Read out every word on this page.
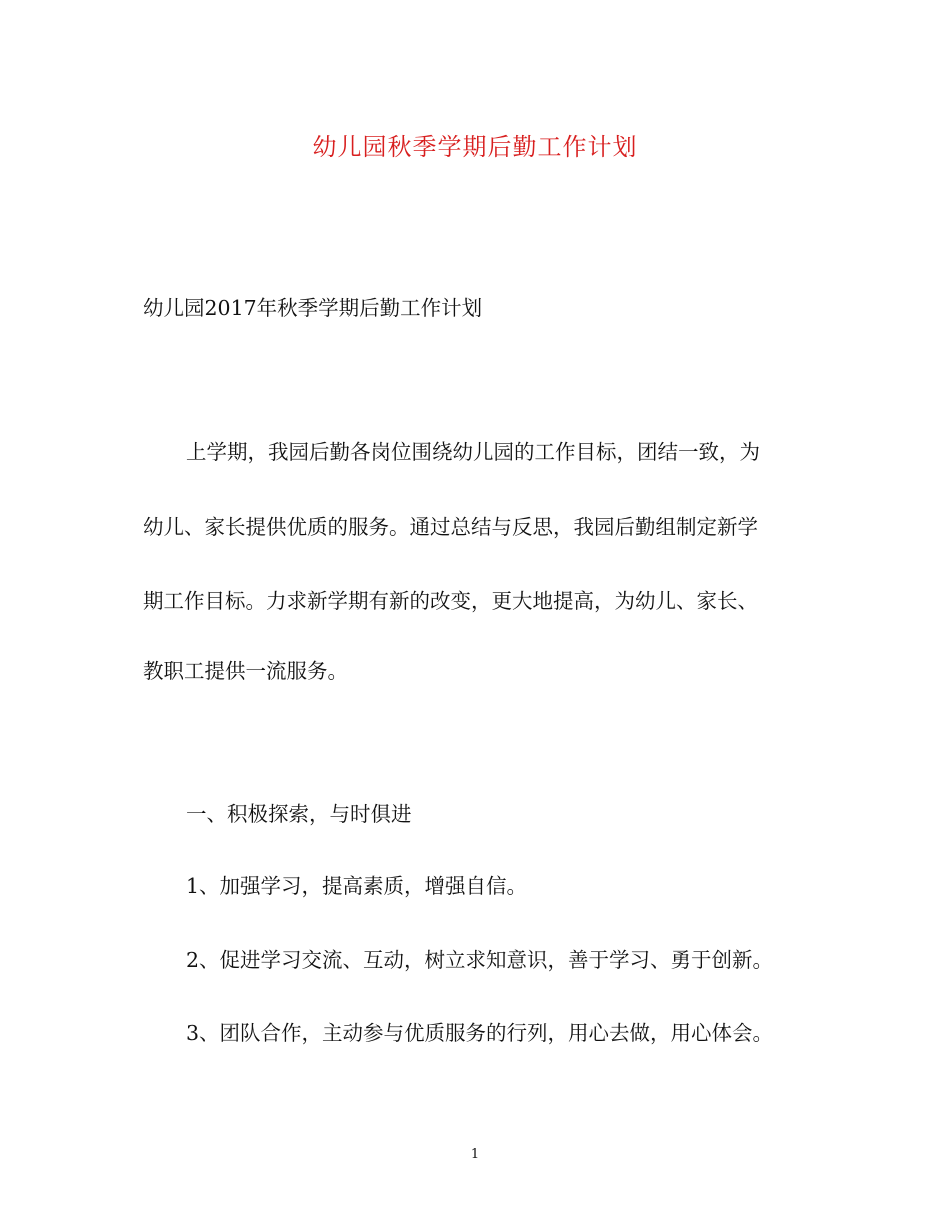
幼儿园秋季学期后勤工作计划
幼儿园2017年秋季学期后勤工作计划
上学期，我园后勤各岗位围绕幼儿园的工作目标，团结一致，为
幼儿、家长提供优质的服务。通过总结与反思，我园后勤组制定新学
期工作目标。力求新学期有新的改变，更大地提高，为幼儿、家长、
教职工提供一流服务。
一、积极探索，与时俱进
1、加强学习，提高素质，增强自信。
2、促进学习交流、互动，树立求知意识，善于学习、勇于创新。
3、团队合作，主动参与优质服务的行列，用心去做，用心体会。
1
